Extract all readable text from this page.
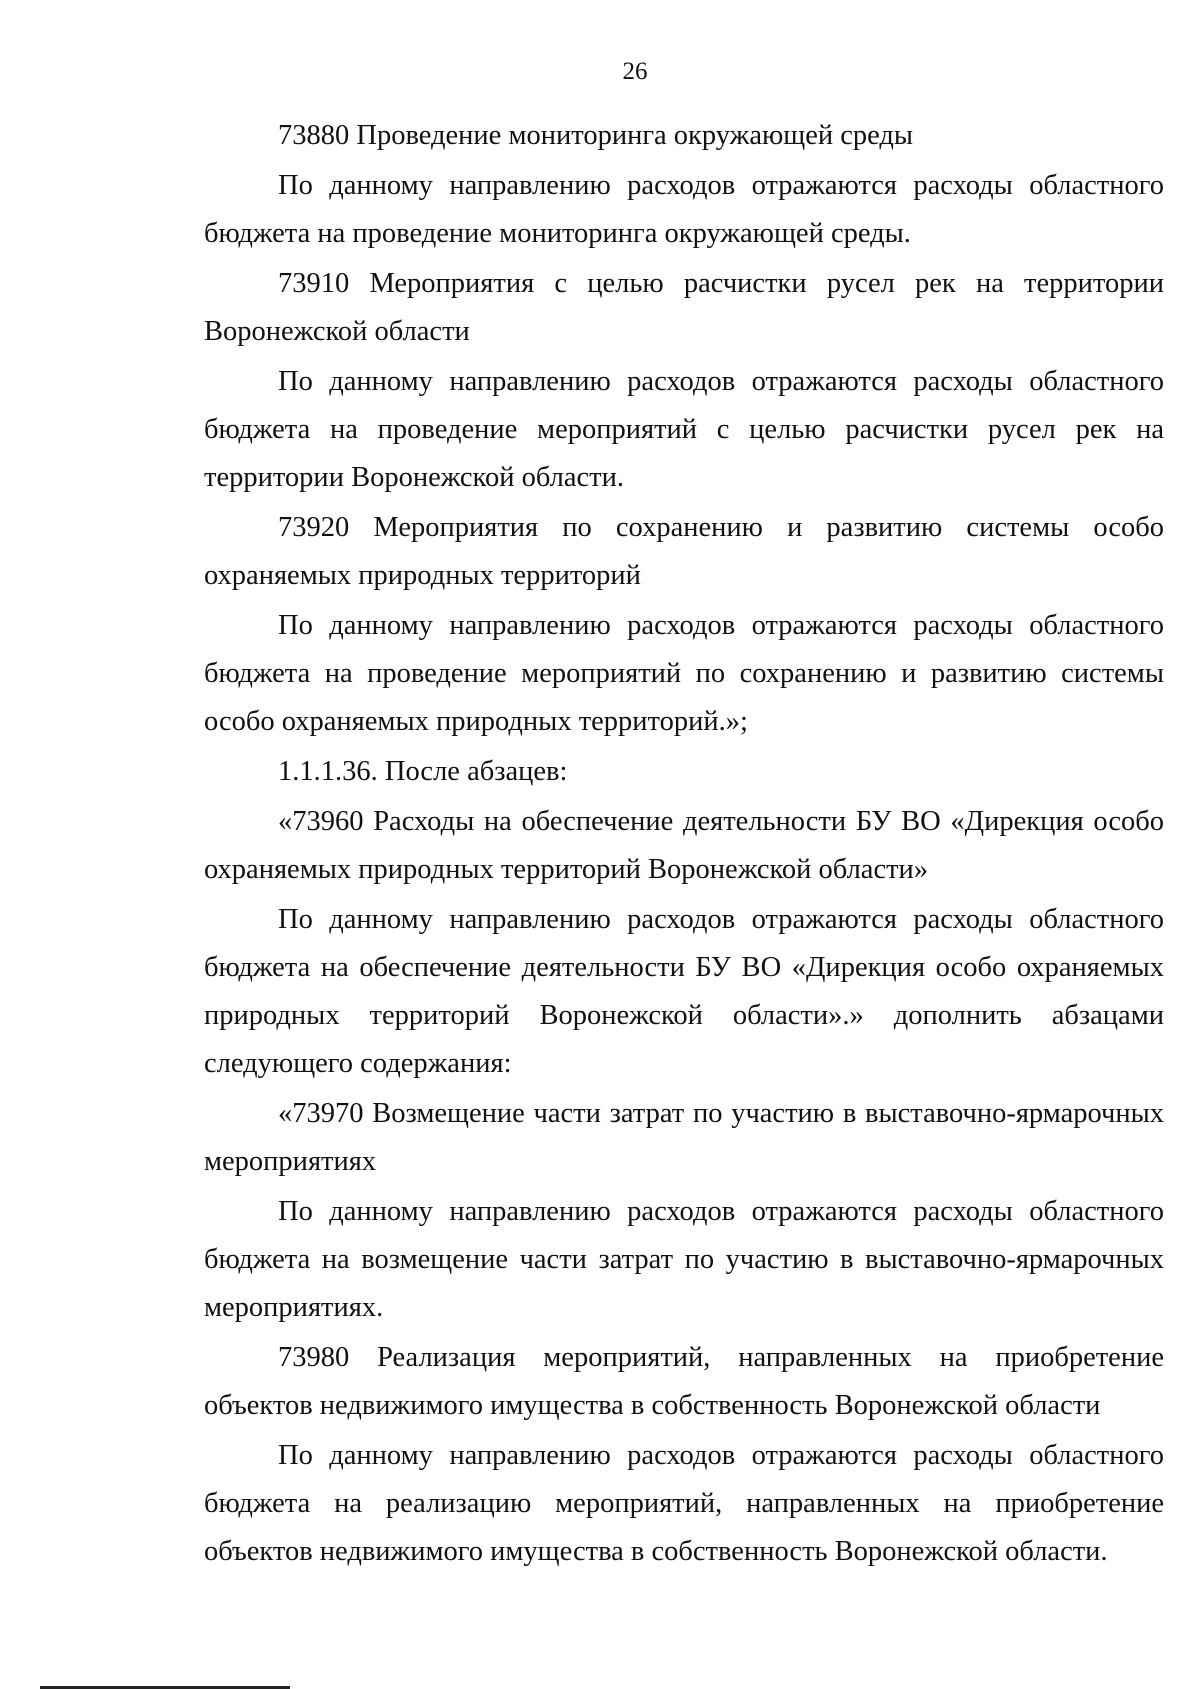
26

73880 Проведение мониторинга окружающей среды

По данному направлению расходов отражаются расходы областного бюджета на проведение мониторинга окружающей среды.

73910 Мероприятия с целью расчистки русел рек на территории Воронежской области

По данному направлению расходов отражаются расходы областного бюджета на проведение мероприятий с целью расчистки русел рек на территории Воронежской области.

73920 Мероприятия по сохранению и развитию системы особо охраняемых природных территорий

По данному направлению расходов отражаются расходы областного бюджета на проведение мероприятий по сохранению и развитию системы особо охраняемых природных территорий.»;

1.1.1.36. После абзацев:

«73960 Расходы на обеспечение деятельности БУ ВО «Дирекция особо охраняемых природных территорий Воронежской области»

По данному направлению расходов отражаются расходы областного бюджета на обеспечение деятельности БУ ВО «Дирекция особо охраняемых природных территорий Воронежской области».» дополнить абзацами следующего содержания:

«73970 Возмещение части затрат по участию в выставочно-ярмарочных мероприятиях

По данному направлению расходов отражаются расходы областного бюджета на возмещение части затрат по участию в выставочно-ярмарочных мероприятиях.

73980 Реализация мероприятий, направленных на приобретение объектов недвижимого имущества в собственность Воронежской области

По данному направлению расходов отражаются расходы областного бюджета на реализацию мероприятий, направленных на приобретение объектов недвижимого имущества в собственность Воронежской области.
